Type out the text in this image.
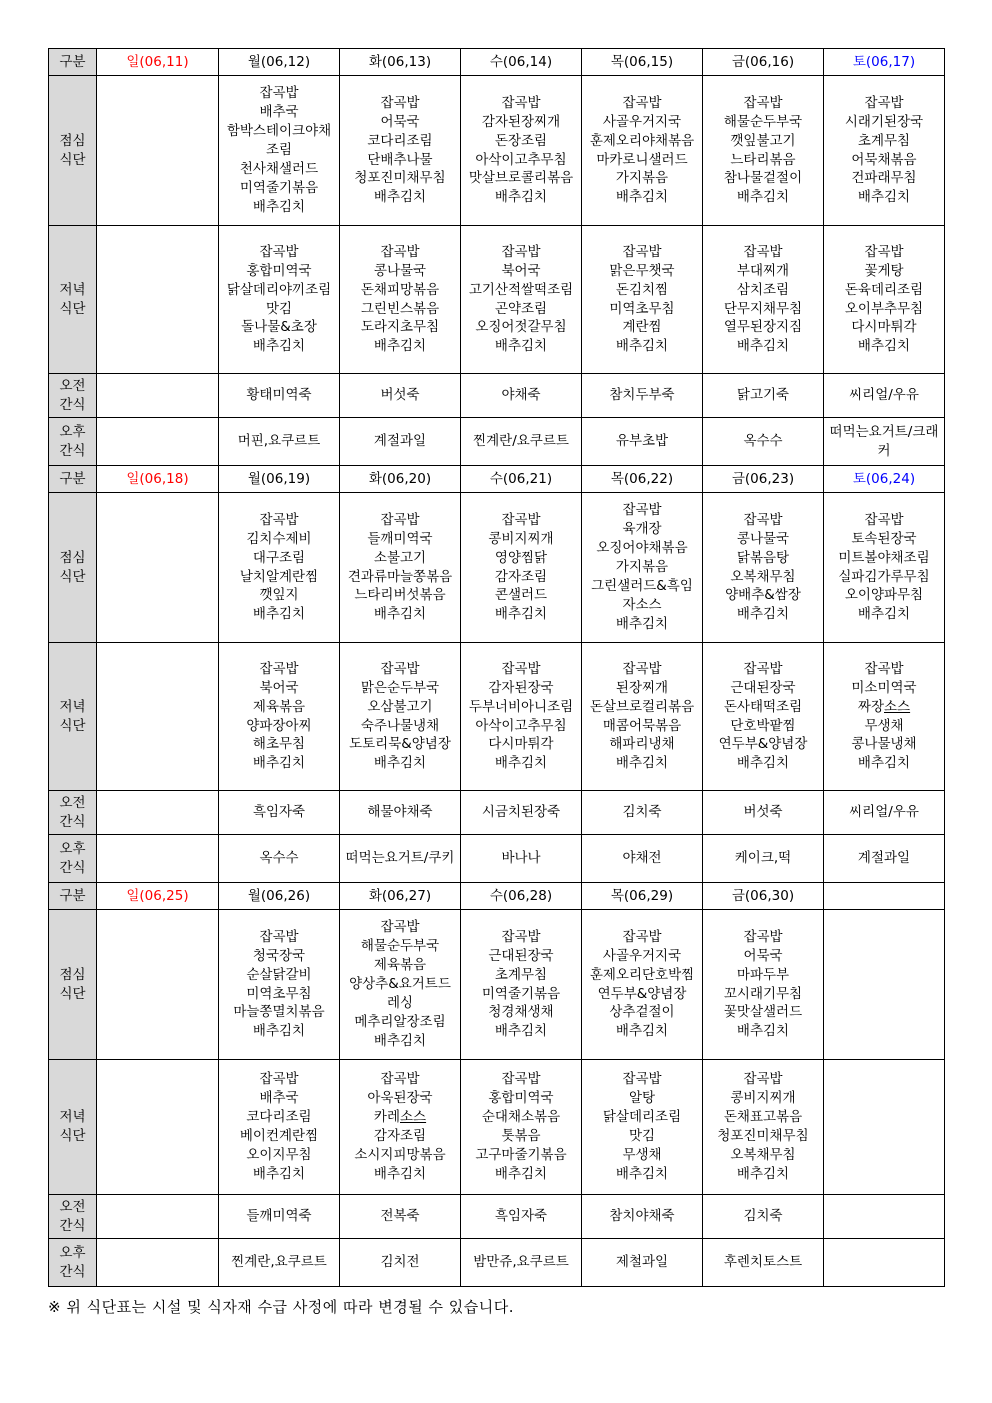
구분	일(06,11)	월(06,12)	화(06,13)	수(06,14)	목(06,15)	금(06,16)	토(06,17)
점심
식단		잡곡밥
배추국
함박스테이크야채조림
천사채샐러드
미역줄기볶음
배추김치	잡곡밥
어묵국
코다리조림
단배추나물
청포진미채무침
배추김치	잡곡밥
감자된장찌개
돈장조림
아삭이고추무침
맛살브로콜리볶음
배추김치	잡곡밥
사골우거지국
훈제오리야채볶음
마카로니샐러드
가지볶음
배추김치	잡곡밥
해물순두부국
깻잎불고기
느타리볶음
참나물겉절이
배추김치	잡곡밥
시래기된장국
초계무침
어묵채볶음
건파래무침
배추김치
저녁
식단		잡곡밥
홍합미역국
닭살데리야끼조림
맛김
돌나물&초장
배추김치	잡곡밥
콩나물국
돈채피망볶음
그린빈스볶음
도라지초무침
배추김치	잡곡밥
북어국
고기산적쌀떡조림
곤약조림
오징어젓갈무침
배추김치	잡곡밥
맑은무챗국
돈김치찜
미역초무침
계란찜
배추김치	잡곡밥
부대찌개
삼치조림
단무지채무침
열무된장지짐
배추김치	잡곡밥
꽃게탕
돈육데리조림
오이부추무침
다시마튀각
배추김치
오전
간식		황태미역죽	버섯죽	야채죽	참치두부죽	닭고기죽	씨리얼/우유
오후
간식		머핀,요쿠르트	계절과일	찐계란/요쿠르트	유부초밥	옥수수	떠먹는요거트/크래커
구분	일(06,18)	월(06,19)	화(06,20)	수(06,21)	목(06,22)	금(06,23)	토(06,24)
점심
식단		잡곡밥
김치수제비
대구조림
날치알계란찜
깻잎지
배추김치	잡곡밥
들깨미역국
소불고기
견과류마늘쫑볶음
느타리버섯볶음
배추김치	잡곡밥
콩비지찌개
영양찜닭
감자조림
콘샐러드
배추김치	잡곡밥
육개장
오징어야채볶음
가지볶음
그린샐러드&흑임자소스
배추김치	잡곡밥
콩나물국
닭볶음탕
오복채무침
양배추&쌈장
배추김치	잡곡밥
토속된장국
미트볼야채조림
실파김가루무침
오이양파무침
배추김치
저녁
식단		잡곡밥
북어국
제육볶음
양파장아찌
해초무침
배추김치	잡곡밥
맑은순두부국
오삼불고기
숙주나물냉채
도토리묵&양념장
배추김치	잡곡밥
감자된장국
두부너비아니조림
아삭이고추무침
다시마튀각
배추김치	잡곡밥
된장찌개
돈살브로컬리볶음
매콤어묵볶음
해파리냉채
배추김치	잡곡밥
근대된장국
돈사태떡조림
단호박팥찜
연두부&양념장
배추김치	잡곡밥
미소미역국
짜장소스
무생채
콩나물냉채
배추김치
오전
간식		흑임자죽	해물야채죽	시금치된장죽	김치죽	버섯죽	씨리얼/우유
오후
간식		옥수수	떠먹는요거트/쿠키	바나나	야채전	케이크,떡	계절과일
구분	일(06,25)	월(06,26)	화(06,27)	수(06,28)	목(06,29)	금(06,30)	
점심
식단		잡곡밥
청국장국
순살닭갈비
미역초무침
마늘쫑멸치볶음
배추김치	잡곡밥
해물순두부국
제육볶음
양상추&요거트드레싱
메추리알장조림
배추김치	잡곡밥
근대된장국
초계무침
미역줄기볶음
청경채생채
배추김치	잡곡밥
사골우거지국
훈제오리단호박찜
연두부&양념장
상추겉절이
배추김치	잡곡밥
어묵국
마파두부
꼬시래기무침
꽃맛살샐러드
배추김치	
저녁
식단		잡곡밥
배추국
코다리조림
베이컨계란찜
오이지무침
배추김치	잡곡밥
아욱된장국
카레소스
감자조림
소시지피망볶음
배추김치	잡곡밥
홍합미역국
순대채소볶음
톳볶음
고구마줄기볶음
배추김치	잡곡밥
알탕
닭살데리조림
맛김
무생채
배추김치	잡곡밥
콩비지찌개
돈채표고볶음
청포진미채무침
오복채무침
배추김치	
오전
간식		들깨미역죽	전복죽	흑임자죽	참치야채죽	김치죽	
오후
간식		찐계란,요쿠르트	김치전	밤만쥬,요쿠르트	제철과일	후렌치토스트	
※ 위 식단표는 시설 및 식자재 수급 사정에 따라 변경될 수 있습니다.
